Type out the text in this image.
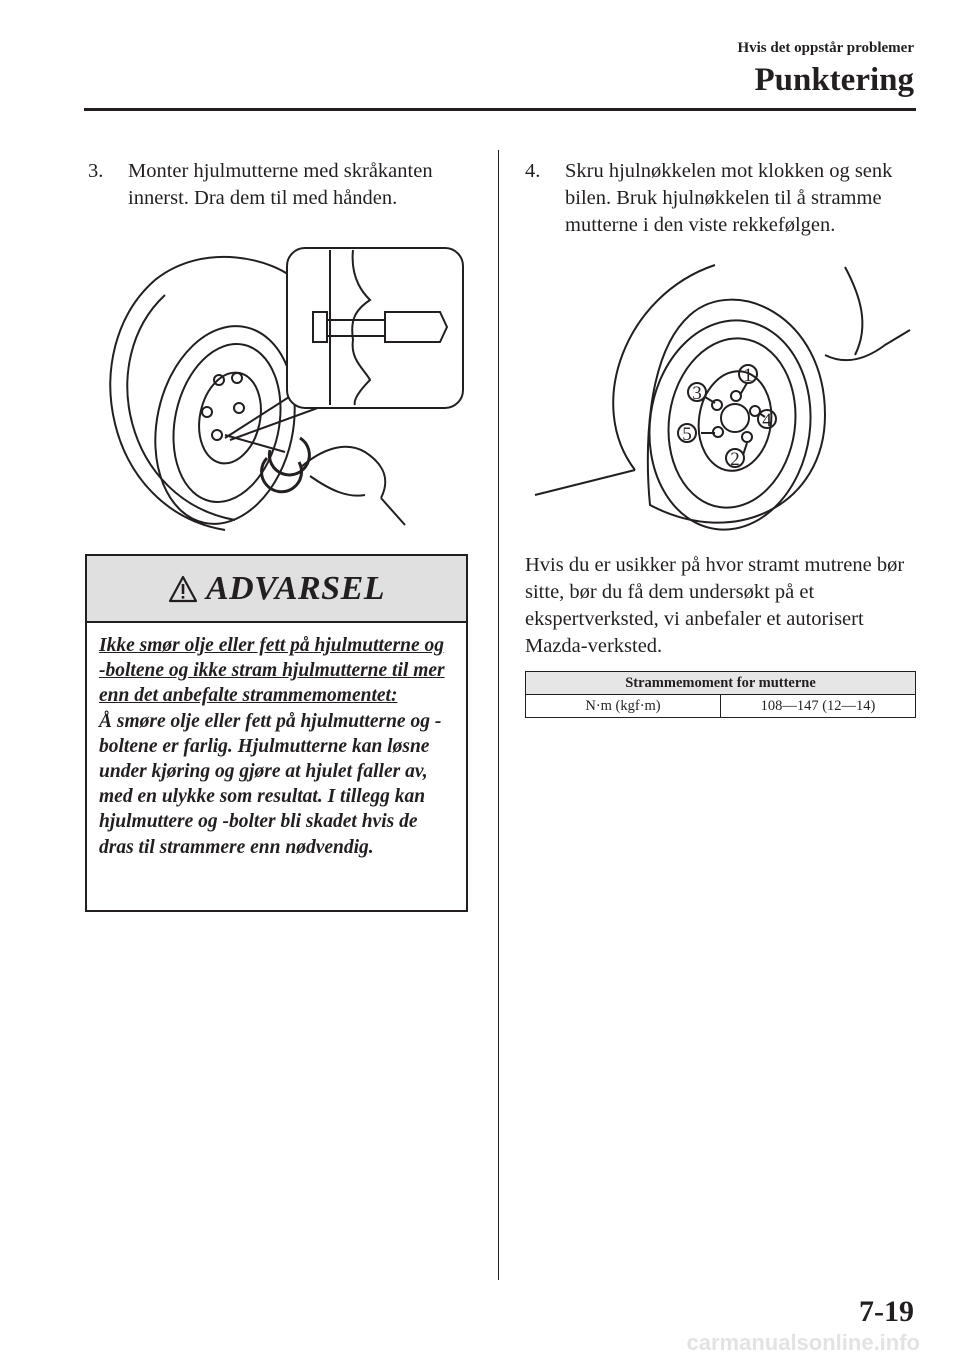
Hvis det oppstår problemer
Punktering
3.	Monter hjulmutterne med skråkanten innerst. Dra dem til med hånden.
ADVARSEL
Ikke smør olje eller fett på hjulmutterne og -boltene og ikke stram hjulmutterne til mer enn det anbefalte strammemomentet:
Å smøre olje eller fett på hjulmutterne og -boltene er farlig. Hjulmutterne kan løsne under kjøring og gjøre at hjulet faller av, med en ulykke som resultat. I tillegg kan hjulmuttere og -bolter bli skadet hvis de dras til strammere enn nødvendig.
4.	Skru hjulnøkkelen mot klokken og senk bilen. Bruk hjulnøkkelen til å stramme mutterne i den viste rekkefølgen.
1
2
3
4
5
Hvis du er usikker på hvor stramt mutrene bør sitte, bør du få dem undersøkt på et ekspertverksted, vi anbefaler et autorisert Mazda-verksted.
Strammemoment for mutterne
N·m (kgf·m)	108—147 (12—14)
7-19
carmanualsonline.info
